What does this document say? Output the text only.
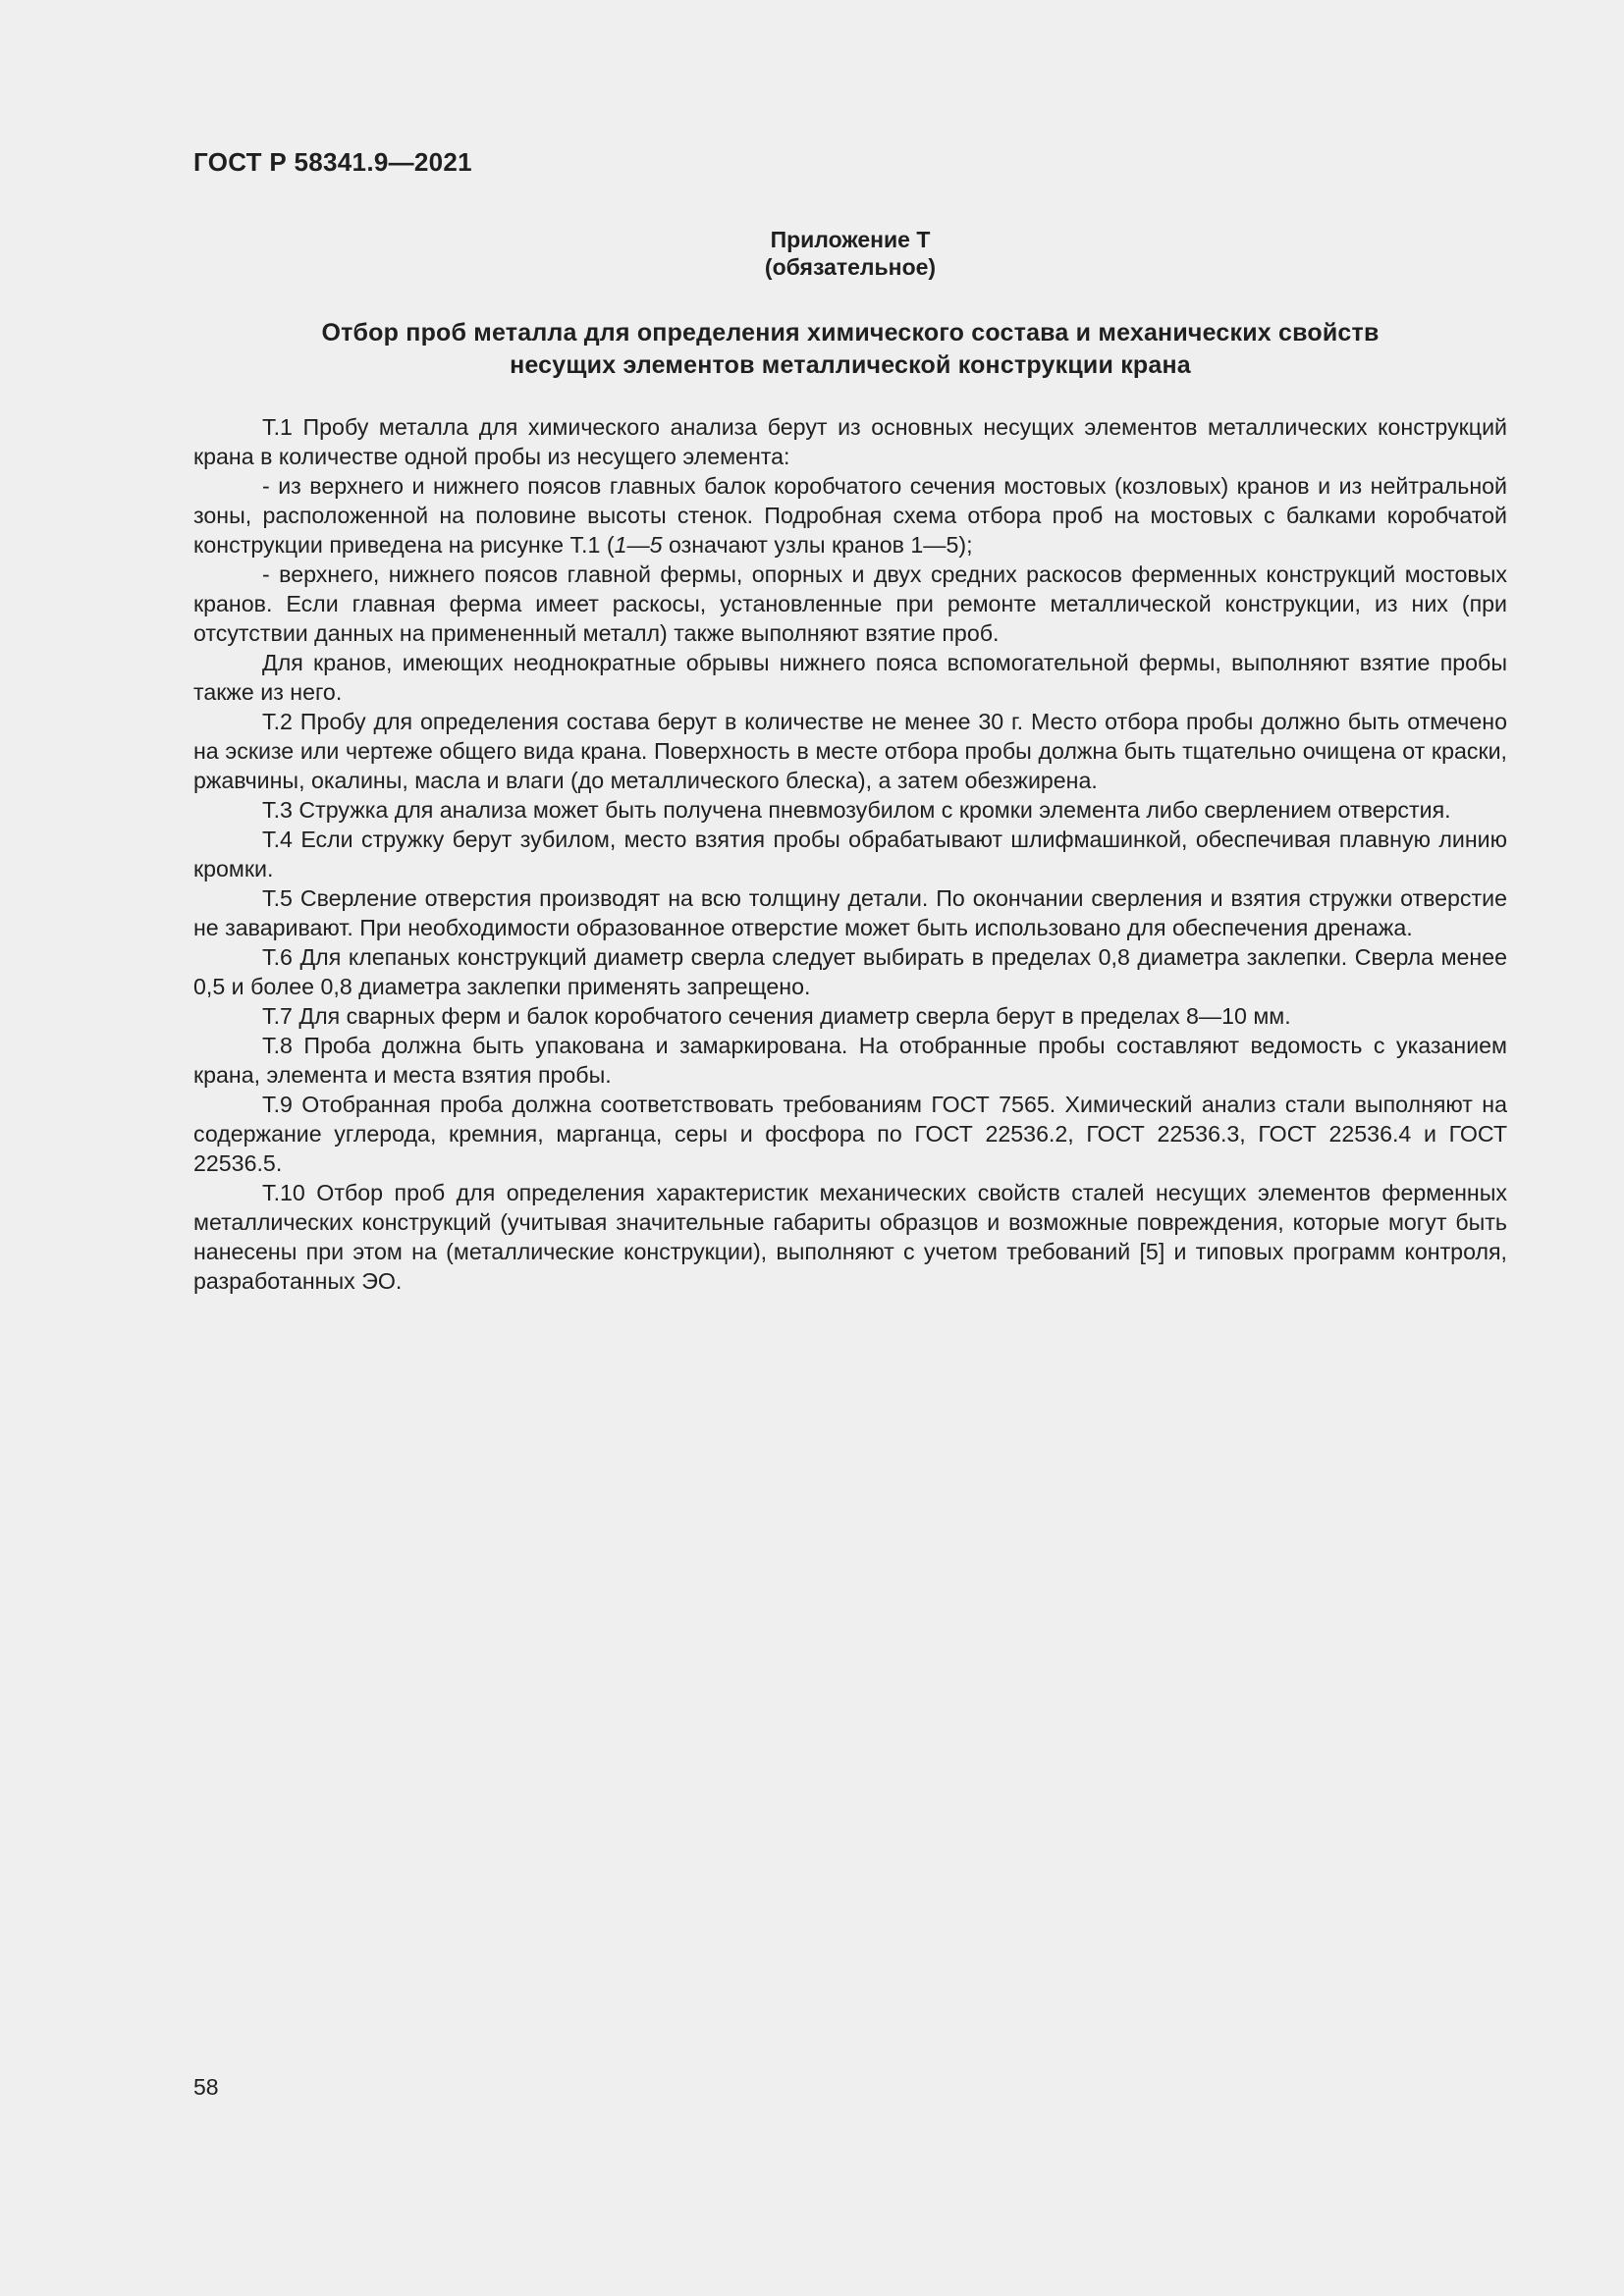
ГОСТ Р 58341.9—2021
Приложение Т
(обязательное)
Отбор проб металла для определения химического состава и механических свойств
несущих элементов металлической конструкции крана

Т.1 Пробу металла для химического анализа берут из основных несущих элементов металлических конструкций крана в количестве одной пробы из несущего элемента:

- из верхнего и нижнего поясов главных балок коробчатого сечения мостовых (козловых) кранов и из нейтральной зоны, расположенной на половине высоты стенок. Подробная схема отбора проб на мостовых с балками коробчатой конструкции приведена на рисунке Т.1 (1—5 означают узлы кранов 1—5);

- верхнего, нижнего поясов главной фермы, опорных и двух средних раскосов ферменных конструкций мостовых кранов. Если главная ферма имеет раскосы, установленные при ремонте металлической конструкции, из них (при отсутствии данных на примененный металл) также выполняют взятие проб.

Для кранов, имеющих неоднократные обрывы нижнего пояса вспомогательной фермы, выполняют взятие пробы также из него.

Т.2 Пробу для определения состава берут в количестве не менее 30 г. Место отбора пробы должно быть отмечено на эскизе или чертеже общего вида крана. Поверхность в месте отбора пробы должна быть тщательно очищена от краски, ржавчины, окалины, масла и влаги (до металлического блеска), а затем обезжирена.

Т.3 Стружка для анализа может быть получена пневмозубилом с кромки элемента либо сверлением отверстия.

Т.4 Если стружку берут зубилом, место взятия пробы обрабатывают шлифмашинкой, обеспечивая плавную линию кромки.

Т.5 Сверление отверстия производят на всю толщину детали. По окончании сверления и взятия стружки отверстие не заваривают. При необходимости образованное отверстие может быть использовано для обеспечения дренажа.

Т.6 Для клепаных конструкций диаметр сверла следует выбирать в пределах 0,8 диаметра заклепки. Сверла менее 0,5 и более 0,8 диаметра заклепки применять запрещено.

Т.7 Для сварных ферм и балок коробчатого сечения диаметр сверла берут в пределах 8—10 мм.

Т.8 Проба должна быть упакована и замаркирована. На отобранные пробы составляют ведомость с указанием крана, элемента и места взятия пробы.

Т.9 Отобранная проба должна соответствовать требованиям ГОСТ 7565. Химический анализ стали выполняют на содержание углерода, кремния, марганца, серы и фосфора по ГОСТ 22536.2, ГОСТ 22536.3, ГОСТ 22536.4 и ГОСТ 22536.5.

Т.10 Отбор проб для определения характеристик механических свойств сталей несущих элементов ферменных металлических конструкций (учитывая значительные габариты образцов и возможные повреждения, которые могут быть нанесены при этом на (металлические конструкции), выполняют с учетом требований [5] и типовых программ контроля, разработанных ЭО.

58
